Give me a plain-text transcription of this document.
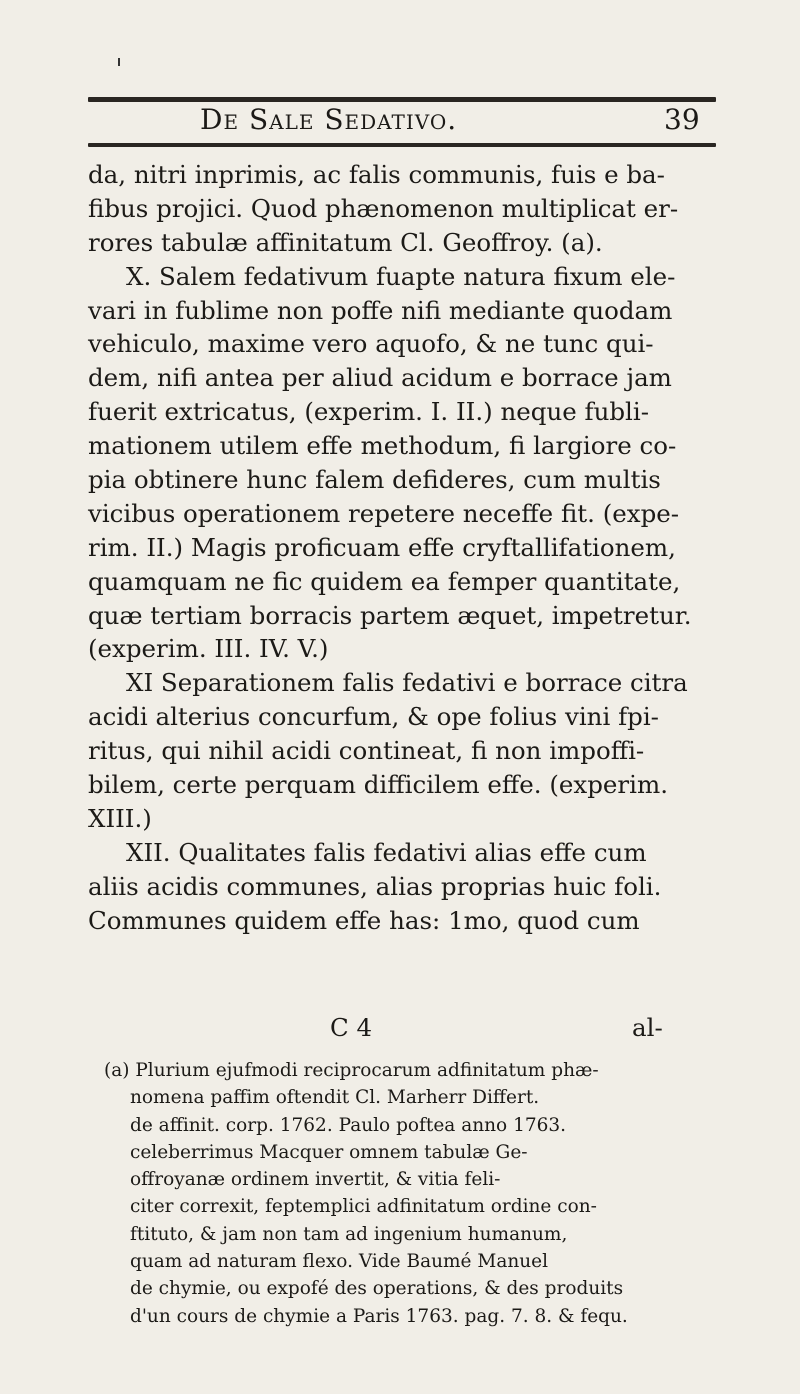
De Sale Sedativo.	39
da, nitri inprimis, ac falis communis, fuis e ba-
fibus projici. Quod phænomenon multiplicat er-
rores tabulæ affinitatum Cl. Geoffroy. (a).
X. Salem fedativum fuapte natura fixum ele-
vari in fublime non poffe nifi mediante quodam
vehiculo, maxime vero aquofo, & ne tunc qui-
dem, nifi antea per aliud acidum e borrace jam
fuerit extricatus, (experim. I. II.) neque fubli-
mationem utilem effe methodum, fi largiore co-
pia obtinere hunc falem defideres, cum multis
vicibus operationem repetere neceffe fit. (expe-
rim. II.) Magis proficuam effe cryftallifationem,
quamquam ne fic quidem ea femper quantitate,
quæ tertiam borracis partem æquet, impetretur.
(experim. III. IV. V.)
XI Separationem falis fedativi e borrace citra
acidi alterius concurfum, & ope folius vini fpi-
ritus, qui nihil acidi contineat, fi non impoffi-
bilem, certe perquam difficilem effe. (experim.
XIII.)
XII. Qualitates falis fedativi alias effe cum
aliis acidis communes, alias proprias huic foli.
Communes quidem effe has: 1mo, quod cum
C 4	al-
(a) Plurium ejufmodi reciprocarum adfinitatum phæ-
nomena paffim oftendit Cl. Marherr Differt.
de affinit. corp. 1762. Paulo poftea anno 1763.
celeberrimus Macquer omnem tabulæ Ge-
offroyanæ ordinem invertit, & vitia feli-
citer correxit, feptemplici adfinitatum ordine con-
ftituto, & jam non tam ad ingenium humanum,
quam ad naturam flexo. Vide Baumé Manuel
de chymie, ou expofé des operations, & des produits
d'un cours de chymie a Paris 1763. pag. 7. 8. & fequ.
